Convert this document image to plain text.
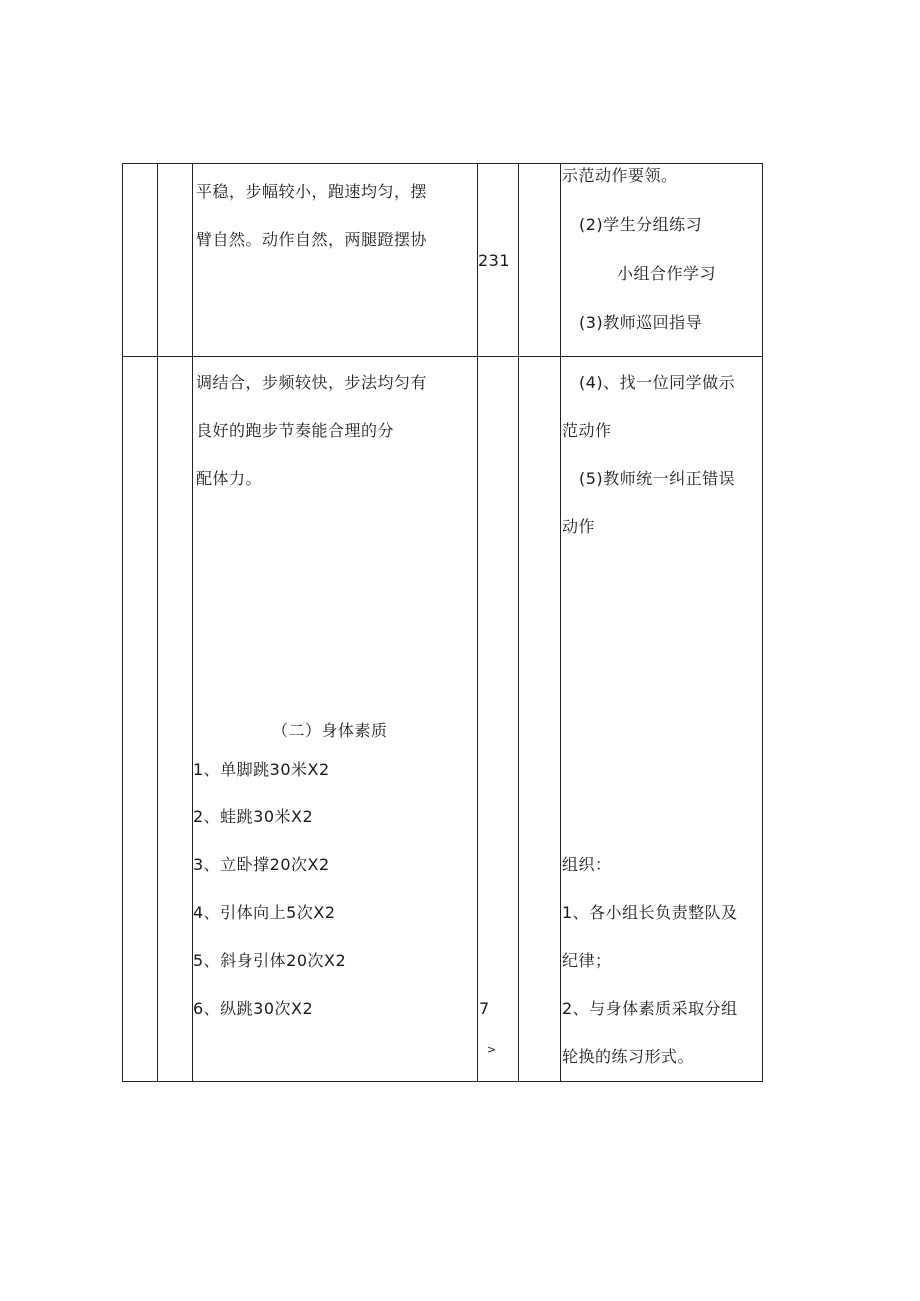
平稳，步幅较小，跑速均匀，摆
臂自然。动作自然，两腿蹬摆协
231
示范动作要领。
(2)学生分组练习
小组合作学习
(3)教师巡回指导
调结合，步频较快，步法均匀有
良好的跑步节奏能合理的分
配体力。
（二）身体素质
1、单脚跳30米X2
2、蛙跳30米X2
3、立卧撑20次X2
4、引体向上5次X2
5、斜身引体20次X2
6、纵跳30次X2	7
>
(4)、找一位同学做示
范动作
(5)教师统一纠正错误
动作
组织：
1、各小组长负责整队及
纪律；
2、与身体素质采取分组
轮换的练习形式。
